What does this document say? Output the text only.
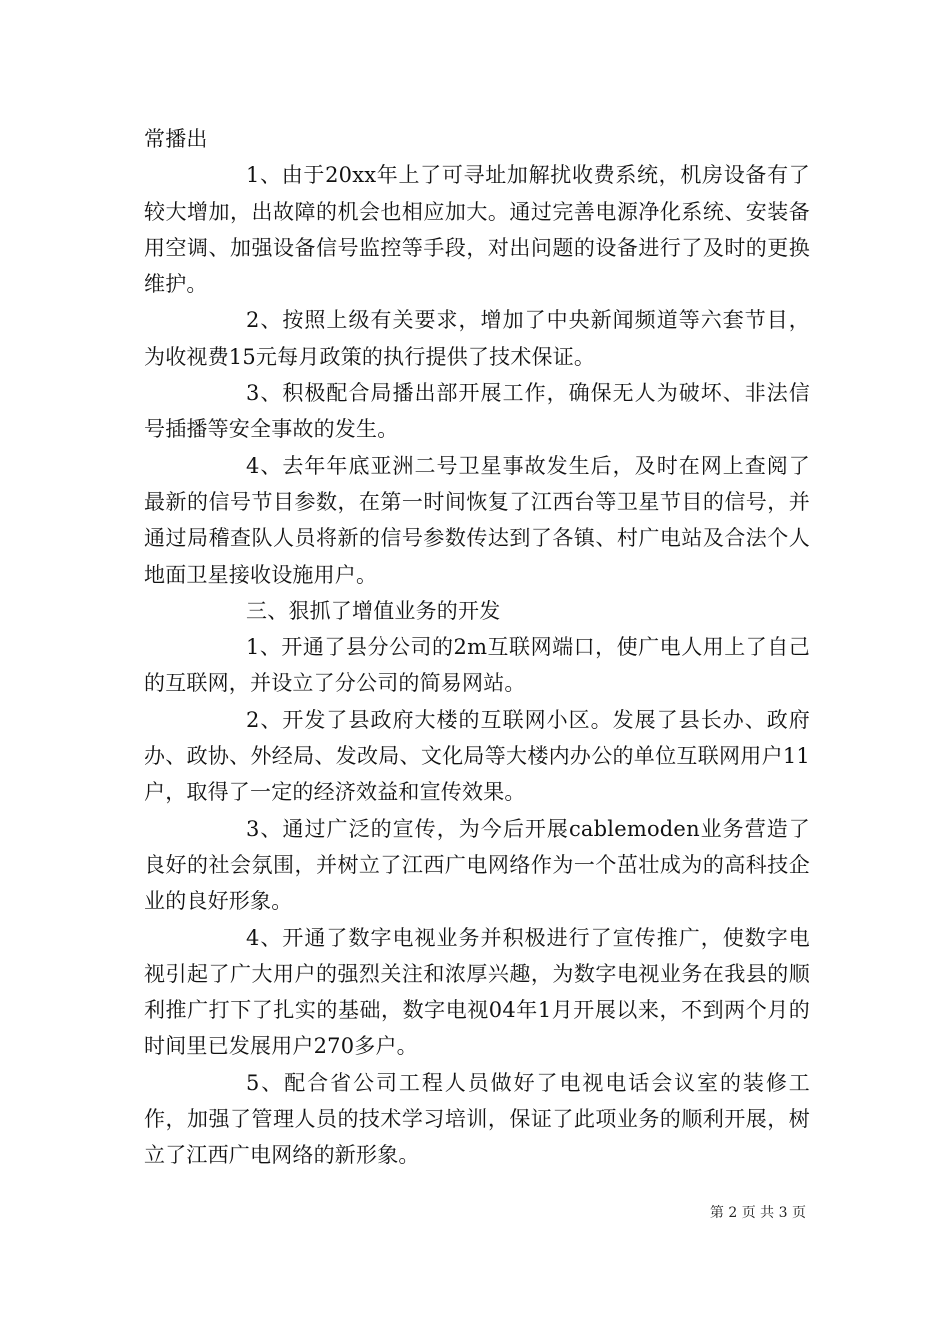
常播出

1、由于20xx年上了可寻址加解扰收费系统，机房设备有了较大增加，出故障的机会也相应加大。通过完善电源净化系统、安装备用空调、加强设备信号监控等手段，对出问题的设备进行了及时的更换维护。

2、按照上级有关要求，增加了中央新闻频道等六套节目，为收视费15元每月政策的执行提供了技术保证。

3、积极配合局播出部开展工作，确保无人为破坏、非法信号插播等安全事故的发生。

4、去年年底亚洲二号卫星事故发生后，及时在网上查阅了最新的信号节目参数，在第一时间恢复了江西台等卫星节目的信号，并通过局稽查队人员将新的信号参数传达到了各镇、村广电站及合法个人地面卫星接收设施用户。

三、狠抓了增值业务的开发

1、开通了县分公司的2m互联网端口，使广电人用上了自己的互联网，并设立了分公司的简易网站。

2、开发了县政府大楼的互联网小区。发展了县长办、政府办、政协、外经局、发改局、文化局等大楼内办公的单位互联网用户11户，取得了一定的经济效益和宣传效果。

3、通过广泛的宣传，为今后开展cablemoden业务营造了良好的社会氛围，并树立了江西广电网络作为一个茁壮成为的高科技企业的良好形象。

4、开通了数字电视业务并积极进行了宣传推广，使数字电视引起了广大用户的强烈关注和浓厚兴趣，为数字电视业务在我县的顺利推广打下了扎实的基础，数字电视04年1月开展以来，不到两个月的时间里已发展用户270多户。

5、配合省公司工程人员做好了电视电话会议室的装修工作，加强了管理人员的技术学习培训，保证了此项业务的顺利开展，树立了江西广电网络的新形象。

第 2 页 共 3 页
